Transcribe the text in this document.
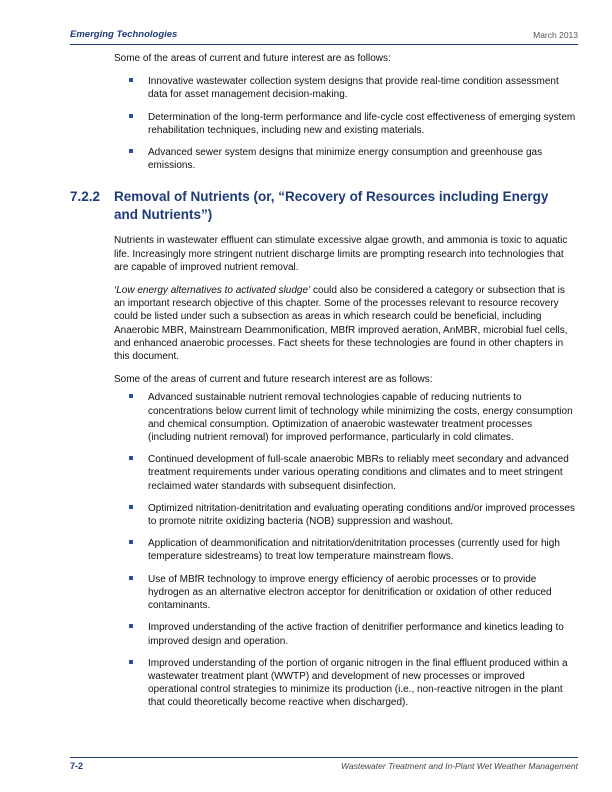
Emerging Technologies	March 2013

Some of the areas of current and future interest are as follows:

Innovative wastewater collection system designs that provide real-time condition assessment data for asset management decision-making.
Determination of the long-term performance and life-cycle cost effectiveness of emerging system rehabilitation techniques, including new and existing materials.
Advanced sewer system designs that minimize energy consumption and greenhouse gas emissions.
7.2.2	Removal of Nutrients (or, “Recovery of Resources including Energy and Nutrients”)

Nutrients in wastewater effluent can stimulate excessive algae growth, and ammonia is toxic to aquatic life. Increasingly more stringent nutrient discharge limits are prompting research into technologies that are capable of improved nutrient removal.

‘Low energy alternatives to activated sludge’ could also be considered a category or subsection that is an important research objective of this chapter. Some of the processes relevant to resource recovery could be listed under such a subsection as areas in which research could be beneficial, including Anaerobic MBR, Mainstream Deammonification, MBfR improved aeration, AnMBR, microbial fuel cells, and enhanced anaerobic processes. Fact sheets for these technologies are found in other chapters in this document.

Some of the areas of current and future research interest are as follows:

Advanced sustainable nutrient removal technologies capable of reducing nutrients to concentrations below current limit of technology while minimizing the costs, energy consumption and chemical consumption. Optimization of anaerobic wastewater treatment processes (including nutrient removal) for improved performance, particularly in cold climates.
Continued development of full-scale anaerobic MBRs to reliably meet secondary and advanced treatment requirements under various operating conditions and climates and to meet stringent reclaimed water standards with subsequent disinfection.
Optimized nitritation-denitritation and evaluating operating conditions and/or improved processes to promote nitrite oxidizing bacteria (NOB) suppression and washout.
Application of deammonification and nitritation/denitritation processes (currently used for high temperature sidestreams) to treat low temperature mainstream flows.
Use of MBfR technology to improve energy efficiency of aerobic processes or to provide hydrogen as an alternative electron acceptor for denitrification or oxidation of other reduced contaminants.
Improved understanding of the active fraction of denitrifier performance and kinetics leading to improved design and operation.
Improved understanding of the portion of organic nitrogen in the final effluent produced within a wastewater treatment plant (WWTP) and development of new processes or improved operational control strategies to minimize its production (i.e., non-reactive nitrogen in the plant that could theoretically become reactive when discharged).
7-2	Wastewater Treatment and In-Plant Wet Weather Management
